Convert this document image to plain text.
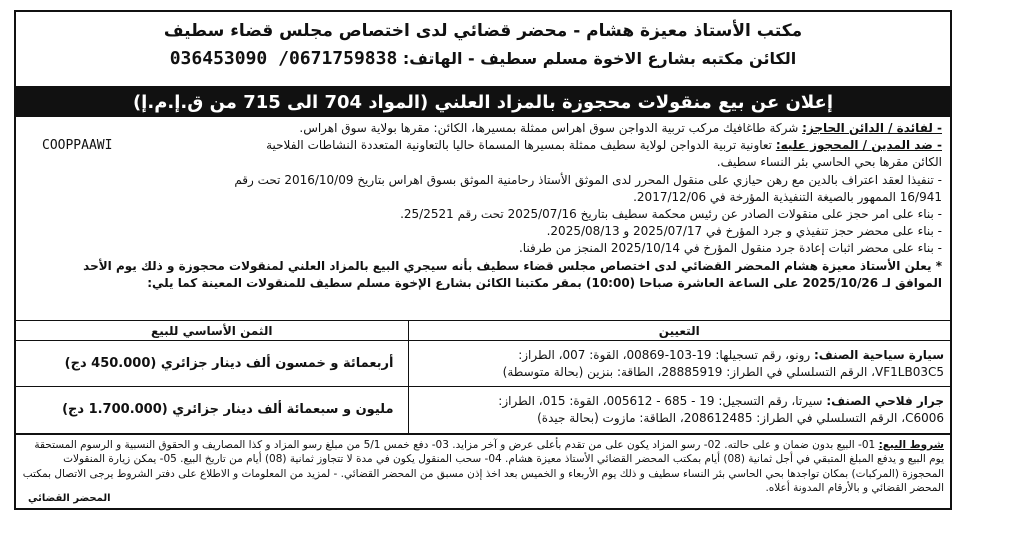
مكتب الأستاذ معيزة هشام - محضر قضائي لدى اختصاص مجلس قضاء سطيف
الكائن مكتبه بشارع الاخوة مسلم سطيف - الهاتف: 0671759838/ 036453090
إعلان عن بيع منقولات محجوزة بالمزاد العلني (المواد 704 الى 715 من ق.إ.م.إ)
- لفائدة / الدائن الحاجز: شركة طاغافيك مركب تربية الدواجن سوق اهراس ممثلة بمسيرها، الكائن: مقرها بولاية سوق اهراس.
- ضد المدين / المحجوز عليه: تعاونية تربية الدواجن لولاية سطيف ممثلة بمسيرها المسماة حاليا بالتعاونية المتعددة النشاطات الفلاحية
COOPPAAWI
الكائن مقرها بحي الحاسي بئر النساء سطيف.
- تنفيذا لعقد اعتراف بالدين مع رهن حيازي على منقول المحرر لدى الموثق الأستاذ رحامنية الموثق بسوق اهراس بتاريخ 2016/10/09 تحت رقم
16/941 الممهور بالصيغة التنفيذية المؤرخة في 2017/12/06.
- بناء على امر حجز على منقولات الصادر عن رئيس محكمة سطيف بتاريخ 2025/07/16 تحت رقم 25/2521.
- بناء على محضر حجز تنفيذي و جرد المؤرخ في 2025/07/17 و 2025/08/13.
- بناء على محضر اثبات إعادة جرد منقول المؤرخ في 2025/10/14 المنجز من طرفنا.
* يعلن الأستاذ معيزة هشام المحضر القضائي لدى اختصاص مجلس قضاء سطيف بأنه سيجري البيع بالمزاد العلني لمنقولات محجوزة و ذلك يوم الأحد
الموافق لـ 2025/10/26 على الساعة العاشرة صباحا (10:00) بمقر مكتبنا الكائن بشارع الإخوة مسلم سطيف للمنقولات المعينة كما يلي:
التعيين	الثمن الأساسي للبيع
سيارة سياحية الصنف: رونو، رقم تسجيلها: 19-103-00869، القوة: 007، الطراز:
VF1LB03C5، الرقم التسلسلي في الطراز: 28885919، الطاقة: بنزين (بحالة متوسطة)	أربعمائة و خمسون ألف دينار جزائري (450.000 دج)
جرار فلاحي الصنف: سيرتا، رقم التسجيل: 19 - 685 - 005612، القوة: 015، الطراز:
C6006، الرقم التسلسلي في الطراز: 208612485، الطاقة: مازوت (بحالة جيدة)	مليون و سبعمائة ألف دينار جزائري (1.700.000 دج)
شروط البيع: 01- البيع بدون ضمان و على حالته. 02- رسو المزاد يكون على من تقدم بأعلى عرض و آخر مزايد. 03- دفع خمس 5/1 من مبلغ رسو المزاد و كذا المصاريف و الحقوق النسبية و الرسوم المستحقة يوم البيع و يدفع المبلغ المتبقي في أجل ثمانية (08) أيام بمكتب المحضر القضائي الأستاذ معيزة هشام. 04- سحب المنقول يكون في مدة لا تتجاوز ثمانية (08) أيام من تاريخ البيع. 05- يمكن زيارة المنقولات المحجوزة (المركبات) بمكان تواجدها بحي الحاسي بئر النساء سطيف و ذلك يوم الأربعاء و الخميس بعد اخذ إذن مسبق من المحضر القضائي. - لمزيد من المعلومات و الاطلاع على دفتر الشروط يرجى الاتصال بمكتب المحضر القضائي و بالأرقام المدونة أعلاه.
المحضر القضائي
